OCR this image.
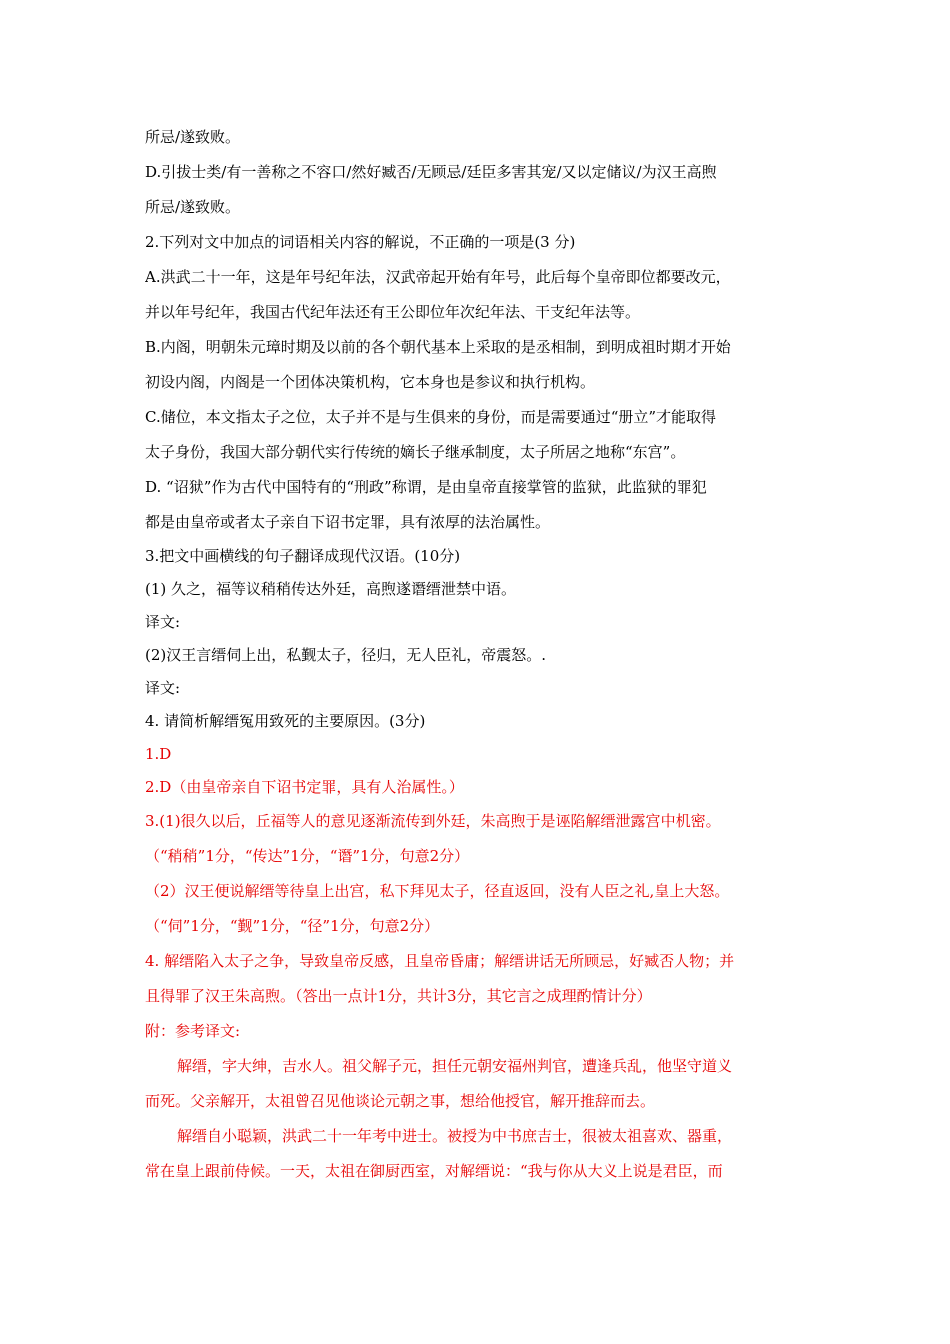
所忌/遂致败。
D.引拔士类/有一善称之不容口/然好臧否/无顾忌/廷臣多害其宠/又以定储议/为汉王高煦
所忌/遂致败。
2.下列对文中加点的词语相关内容的解说，不正确的一项是(3 分)
A.洪武二十一年，这是年号纪年法，汉武帝起开始有年号，此后每个皇帝即位都要改元，
并以年号纪年，我国古代纪年法还有王公即位年次纪年法、干支纪年法等。
B.内阁，明朝朱元璋时期及以前的各个朝代基本上采取的是丞相制，到明成祖时期才开始
初设内阁，内阁是一个团体决策机构，它本身也是参议和执行机构。
C.储位，本文指太子之位，太子并不是与生俱来的身份，而是需要通过“册立”才能取得
太子身份，我国大部分朝代实行传统的嫡长子继承制度，太子所居之地称“东宫”。
D. “诏狱”作为古代中国特有的“刑政”称谓，是由皇帝直接掌管的监狱，此监狱的罪犯
都是由皇帝或者太子亲自下诏书定罪，具有浓厚的法治属性。
3.把文中画横线的句子翻译成现代汉语。(10分)
(1) 久之，福等议稍稍传达外廷，高煦遂谮缙泄禁中语。
译文:
(2)汉王言缙伺上出，私觐太子，径归，无人臣礼，帝震怒。.
译文:
4. 请简析解缙冤用致死的主要原因。(3分)
1.D
2.D（由皇帝亲自下诏书定罪，具有人治属性。）
3.(1)很久以后，丘福等人的意见逐渐流传到外廷，朱高煦于是诬陷解缙泄露宫中机密。
（“稍稍”1分，“传达”1分，“谮”1分，句意2分）
（2）汉王便说解缙等待皇上出宫，私下拜见太子，径直返回，没有人臣之礼,皇上大怒。
（“伺”1分，“觐”1分，“径”1分，句意2分）
4. 解缙陷入太子之争，导致皇帝反感，且皇帝昏庸；解缙讲话无所顾忌，好臧否人物；并
且得罪了汉王朱高煦。（答出一点计1分，共计3分，其它言之成理酌情计分）
附：参考译文:
解缙，字大绅，吉水人。祖父解子元，担任元朝安福州判官，遭逢兵乱，他坚守道义
而死。父亲解开，太祖曾召见他谈论元朝之事，想给他授官，解开推辞而去。
解缙自小聪颖，洪武二十一年考中进士。被授为中书庶吉士，很被太祖喜欢、器重，
常在皇上跟前侍候。一天，太祖在御厨西室，对解缙说：“我与你从大义上说是君臣，而
